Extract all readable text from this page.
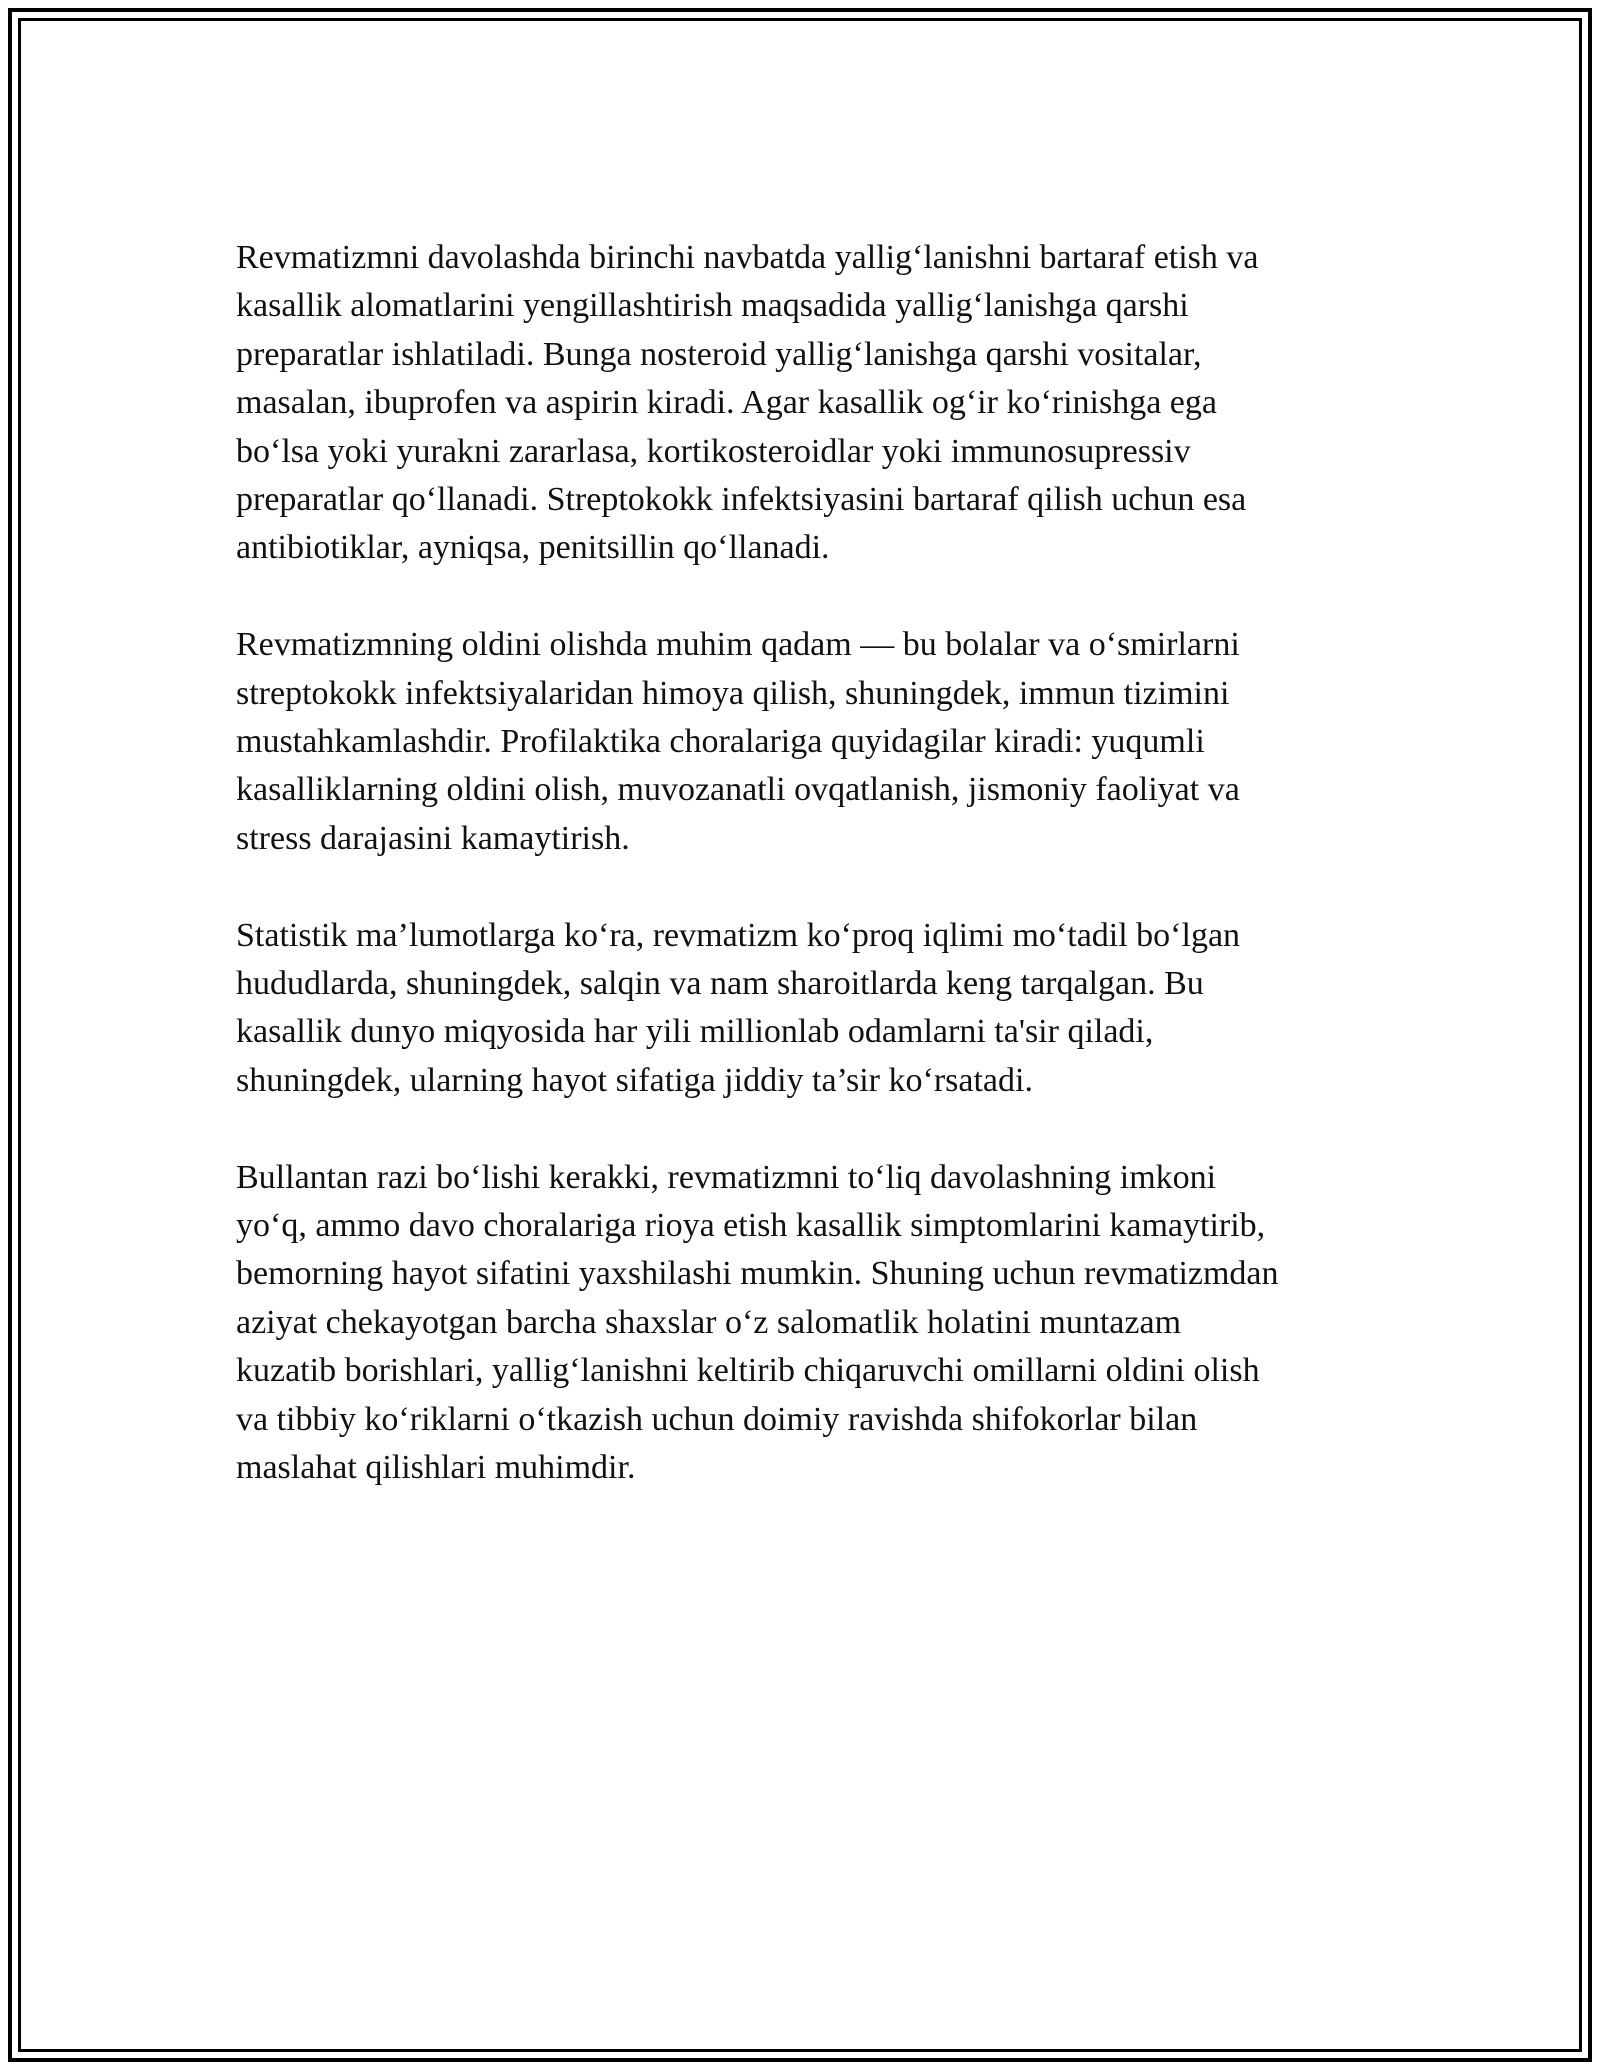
Revmatizmni davolashda birinchi navbatda yallig‘lanishni bartaraf etish va
kasallik alomatlarini yengillashtirish maqsadida yallig‘lanishga qarshi
preparatlar ishlatiladi. Bunga nosteroid yallig‘lanishga qarshi vositalar,
masalan, ibuprofen va aspirin kiradi. Agar kasallik og‘ir ko‘rinishga ega
bo‘lsa yoki yurakni zararlasa, kortikosteroidlar yoki immunosupressiv
preparatlar qo‘llanadi. Streptokokk infektsiyasini bartaraf qilish uchun esa
antibiotiklar, ayniqsa, penitsillin qo‘llanadi.

Revmatizmning oldini olishda muhim qadam — bu bolalar va o‘smirlarni
streptokokk infektsiyalaridan himoya qilish, shuningdek, immun tizimini
mustahkamlashdir. Profilaktika choralariga quyidagilar kiradi: yuqumli
kasalliklarning oldini olish, muvozanatli ovqatlanish, jismoniy faoliyat va
stress darajasini kamaytirish.

Statistik ma’lumotlarga ko‘ra, revmatizm ko‘proq iqlimi mo‘tadil bo‘lgan
hududlarda, shuningdek, salqin va nam sharoitlarda keng tarqalgan. Bu
kasallik dunyo miqyosida har yili millionlab odamlarni ta'sir qiladi,
shuningdek, ularning hayot sifatiga jiddiy ta’sir ko‘rsatadi.

Bullantan razi bo‘lishi kerakki, revmatizmni to‘liq davolashning imkoni
yo‘q, ammo davo choralariga rioya etish kasallik simptomlarini kamaytirib,
bemorning hayot sifatini yaxshilashi mumkin. Shuning uchun revmatizmdan
aziyat chekayotgan barcha shaxslar o‘z salomatlik holatini muntazam
kuzatib borishlari, yallig‘lanishni keltirib chiqaruvchi omillarni oldini olish
va tibbiy ko‘riklarni o‘tkazish uchun doimiy ravishda shifokorlar bilan
maslahat qilishlari muhimdir.
